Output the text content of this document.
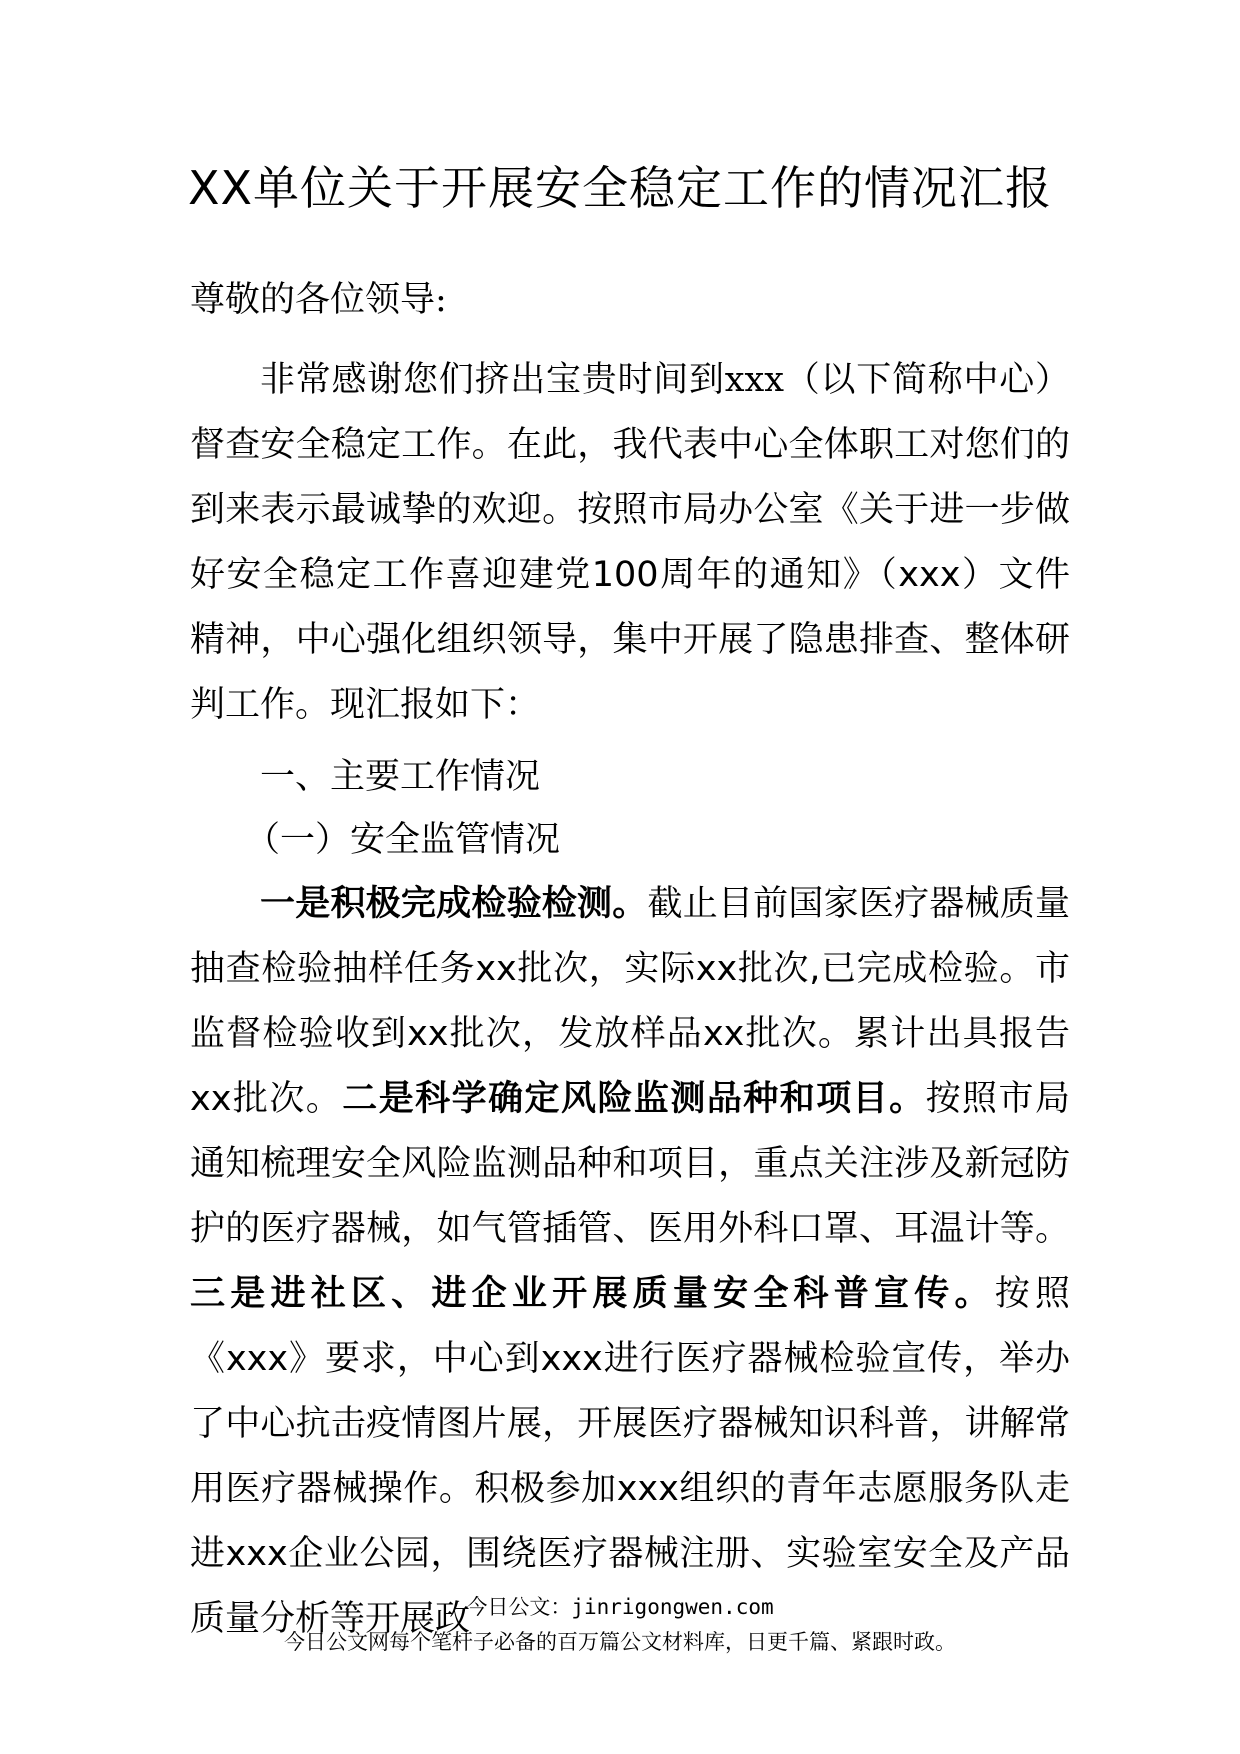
XX单位关于开展安全稳定工作的情况汇报
尊敬的各位领导:
非常感谢您们挤出宝贵时间到xxx（以下简称中心）督查安全稳定工作。在此，我代表中心全体职工对您们的到来表示最诚挚的欢迎。按照市局办公室《关于进一步做好安全稳定工作喜迎建党100周年的通知》（xxx）文件精神，中心强化组织领导，集中开展了隐患排查、整体研判工作。现汇报如下：
一、主要工作情况
（一）安全监管情况
一是积极完成检验检测。截止目前国家医疗器械质量抽查检验抽样任务xx批次，实际xx批次,已完成检验。市监督检验收到xx批次，发放样品xx批次。累计出具报告xx批次。二是科学确定风险监测品种和项目。按照市局通知梳理安全风险监测品种和项目，重点关注涉及新冠防护的医疗器械，如气管插管、医用外科口罩、耳温计等。三是进社区、进企业开展质量安全科普宣传。按照《xxx》要求，中心到xxx进行医疗器械检验宣传，举办了中心抗击疫情图片展，开展医疗器械知识科普，讲解常用医疗器械操作。积极参加xxx组织的青年志愿服务队走进xxx企业公园，围绕医疗器械注册、实验室安全及产品质量分析等开展政
今日公文：jinrigongwen.com
今日公文网每个笔杆子必备的百万篇公文材料库，日更千篇、紧跟时政。
